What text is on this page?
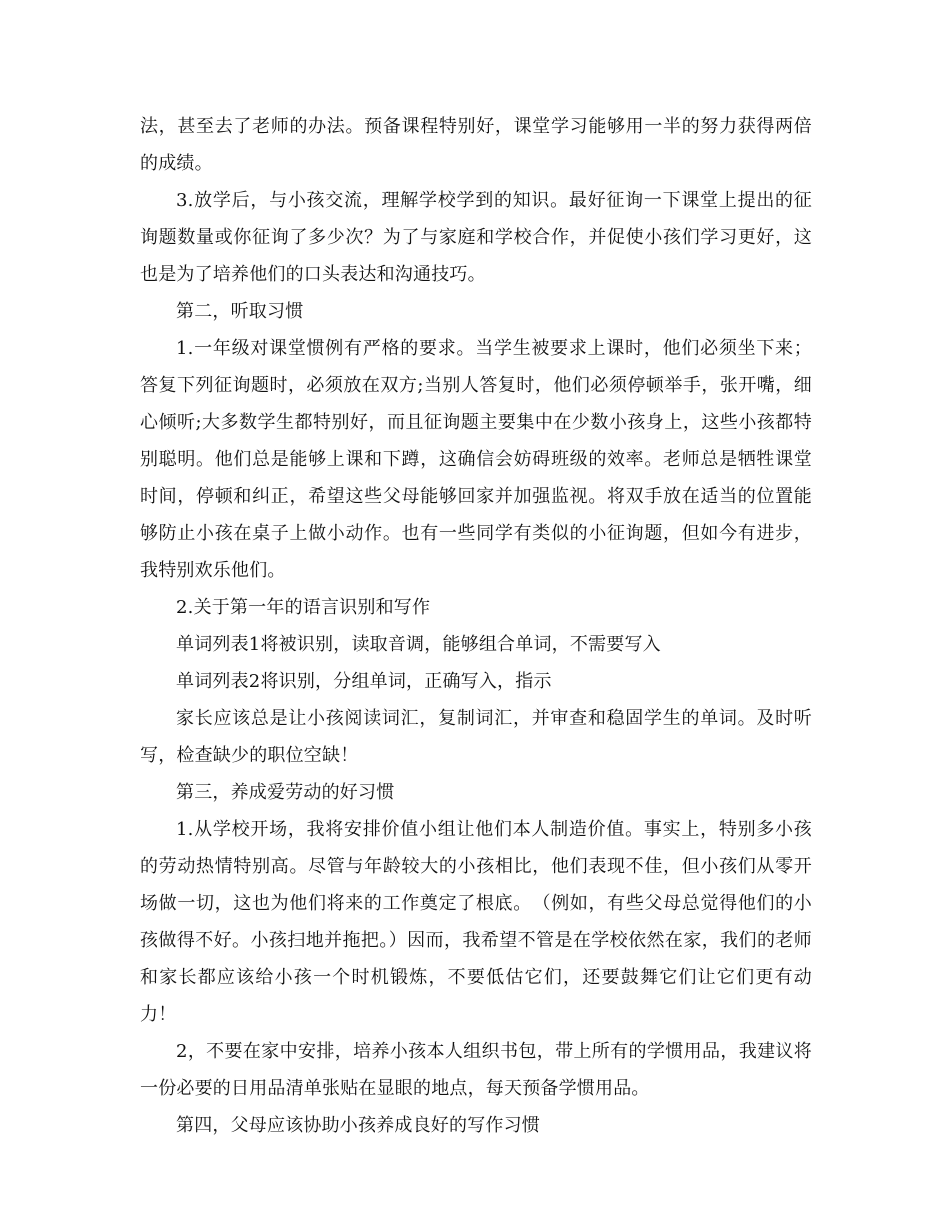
法，甚至去了老师的办法。预备课程特别好，课堂学习能够用一半的努力获得两倍的成绩。

3.放学后，与小孩交流，理解学校学到的知识。最好征询一下课堂上提出的征询题数量或你征询了多少次？为了与家庭和学校合作，并促使小孩们学习更好，这也是为了培养他们的口头表达和沟通技巧。

第二，听取习惯

1.一年级对课堂惯例有严格的要求。当学生被要求上课时，他们必须坐下来；答复下列征询题时，必须放在双方;当别人答复时，他们必须停顿举手，张开嘴，细心倾听;大多数学生都特别好，而且征询题主要集中在少数小孩身上，这些小孩都特别聪明。他们总是能够上课和下蹲，这确信会妨碍班级的效率。老师总是牺牲课堂时间，停顿和纠正，希望这些父母能够回家并加强监视。将双手放在适当的位置能够防止小孩在桌子上做小动作。也有一些同学有类似的小征询题，但如今有进步，我特别欢乐他们。

2.关于第一年的语言识别和写作

单词列表1将被识别，读取音调，能够组合单词，不需要写入

单词列表2将识别，分组单词，正确写入，指示

家长应该总是让小孩阅读词汇，复制词汇，并审查和稳固学生的单词。及时听写，检查缺少的职位空缺！

第三，养成爱劳动的好习惯

1.从学校开场，我将安排价值小组让他们本人制造价值。事实上，特别多小孩的劳动热情特别高。尽管与年龄较大的小孩相比，他们表现不佳，但小孩们从零开场做一切，这也为他们将来的工作奠定了根底。　（例如，有些父母总觉得他们的小孩做得不好。小孩扫地并拖把。）因而，我希望不管是在学校依然在家，我们的老师和家长都应该给小孩一个时机锻炼，不要低估它们，还要鼓舞它们让它们更有动力！

2，不要在家中安排，培养小孩本人组织书包，带上所有的学惯用品，我建议将一份必要的日用品清单张贴在显眼的地点，每天预备学惯用品。

第四，父母应该协助小孩养成良好的写作习惯
